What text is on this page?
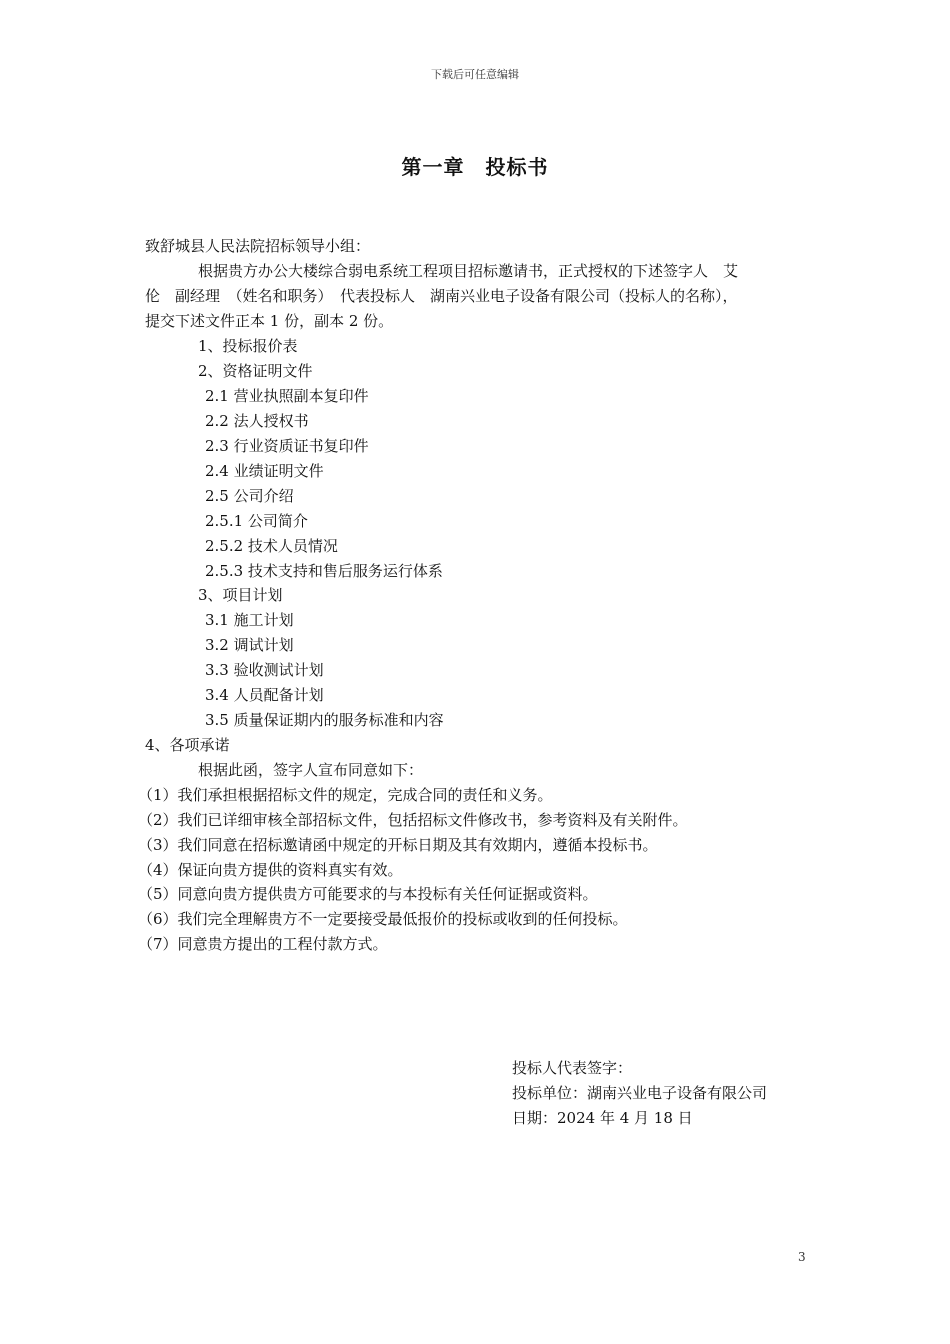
下载后可任意编辑
第一章　投标书
致舒城县人民法院招标领导小组：
根据贵方办公大楼综合弱电系统工程项目招标邀请书，正式授权的下述签字人　艾
伦　副经理　（姓名和职务）　代表投标人　湖南兴业电子设备有限公司（投标人的名称），
提交下述文件正本 1 份，副本 2 份。
1、投标报价表
2、资格证明文件
2.1 营业执照副本复印件
2.2 法人授权书
2.3 行业资质证书复印件
2.4 业绩证明文件
2.5 公司介绍
2.5.1 公司简介
2.5.2 技术人员情况
2.5.3 技术支持和售后服务运行体系
3、项目计划
3.1 施工计划
3.2 调试计划
3.3 验收测试计划
3.4 人员配备计划
3.5 质量保证期内的服务标准和内容
4、各项承诺
根据此函，签字人宣布同意如下：
（1）我们承担根据招标文件的规定，完成合同的责任和义务。
（2）我们已详细审核全部招标文件，包括招标文件修改书，参考资料及有关附件。
（3）我们同意在招标邀请函中规定的开标日期及其有效期内，遵循本投标书。
（4）保证向贵方提供的资料真实有效。
（5）同意向贵方提供贵方可能要求的与本投标有关任何证据或资料。
（6）我们完全理解贵方不一定要接受最低报价的投标或收到的任何投标。
（7）同意贵方提出的工程付款方式。
投标人代表签字：
投标单位：湖南兴业电子设备有限公司
日期：2024 年 4 月 18 日
3
